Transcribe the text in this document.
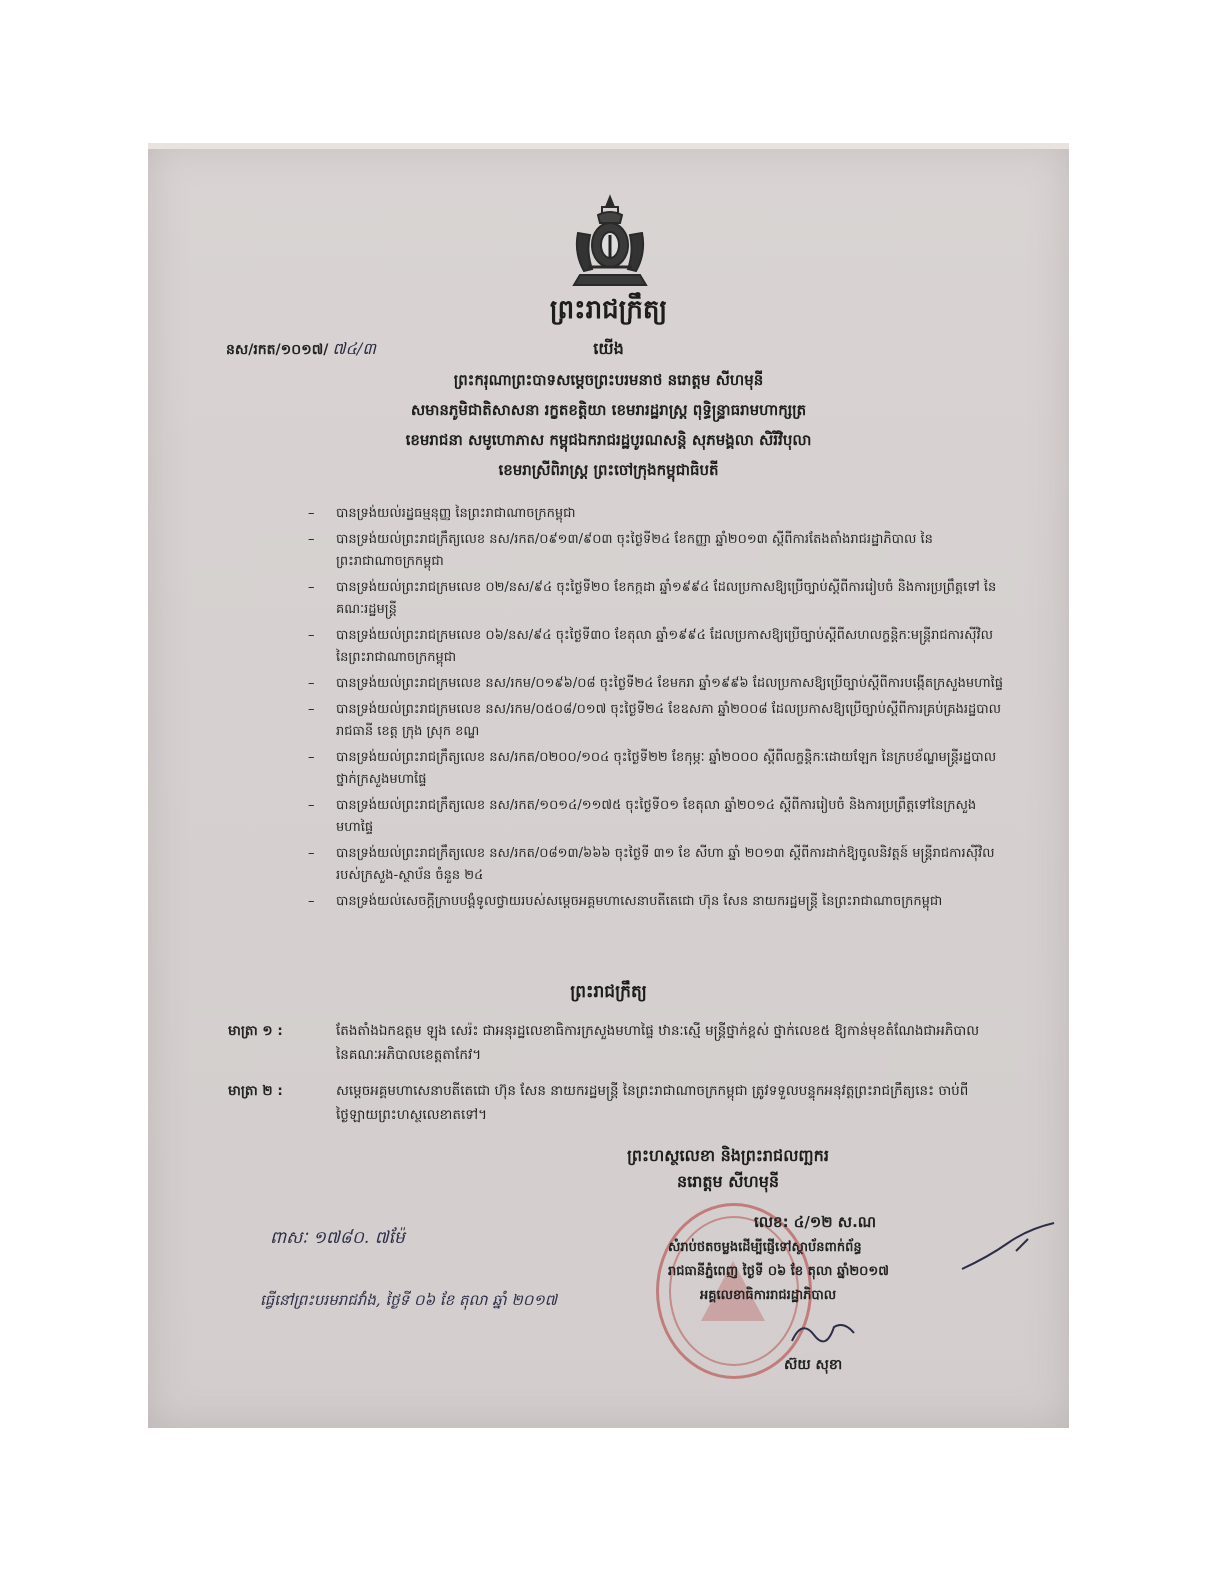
ព្រះរាជក្រឹត្យ
នស/រកត/១០១៧/ ៧៤/៣	យើង
ព្រះករុណាព្រះបាទសម្តេចព្រះបរមនាថ នរោត្តម សីហមុនី
សមានភូមិជាតិសាសនា រក្ខតខត្តិយា ខេមរារដ្ឋរាស្ត្រ ពុទ្ធិន្ទ្រាធរាមហាក្សត្រ
ខេមរាជនា សមូហោភាស កម្ពុជឯករាជរដ្ឋបូរណសន្តិ សុភមង្គលា សិរីវិបុលា
ខេមរាស្រីពិរាស្ត្រ ព្រះចៅក្រុងកម្ពុជាធិបតី
– បានទ្រង់យល់រដ្ឋធម្មនុញ្ញ នៃព្រះរាជាណាចក្រកម្ពុជា
– បានទ្រង់យល់ព្រះរាជក្រឹត្យលេខ នស/រកត/០៩១៣/៩០៣ ចុះថ្ងៃទី២៤ ខែកញ្ញា ឆ្នាំ២០១៣ ស្តីពីការតែងតាំងរាជរដ្ឋាភិបាល នៃព្រះរាជាណាចក្រកម្ពុជា
– បានទ្រង់យល់ព្រះរាជក្រមលេខ ០២/នស/៩៤ ចុះថ្ងៃទី២០ ខែកក្កដា ឆ្នាំ១៩៩៤ ដែលប្រកាសឱ្យប្រើច្បាប់ស្តីពីការរៀបចំ និងការប្រព្រឹត្តទៅ នៃគណៈរដ្ឋមន្ត្រី
– បានទ្រង់យល់ព្រះរាជក្រមលេខ ០៦/នស/៩៤ ចុះថ្ងៃទី៣០ ខែតុលា ឆ្នាំ១៩៩៤ ដែលប្រកាសឱ្យប្រើច្បាប់ស្តីពីសហលក្ខន្តិកៈមន្ត្រីរាជការស៊ីវិល នៃព្រះរាជាណាចក្រកម្ពុជា
– បានទ្រង់យល់ព្រះរាជក្រមលេខ នស/រកម/០១៩៦/០៨ ចុះថ្ងៃទី២៤ ខែមករា ឆ្នាំ១៩៩៦ ដែលប្រកាសឱ្យប្រើច្បាប់ស្តីពីការបង្កើតក្រសួងមហាផ្ទៃ
– បានទ្រង់យល់ព្រះរាជក្រមលេខ នស/រកម/០៥០៨/០១៧ ចុះថ្ងៃទី២៤ ខែឧសភា ឆ្នាំ២០០៨ ដែលប្រកាសឱ្យប្រើច្បាប់ស្តីពីការគ្រប់គ្រងរដ្ឋបាលរាជធានី ខេត្ត ក្រុង ស្រុក ខណ្ឌ
– បានទ្រង់យល់ព្រះរាជក្រឹត្យលេខ នស/រកត/០២០០/១០៤ ចុះថ្ងៃទី២២ ខែកុម្ភៈ ឆ្នាំ២០០០ ស្តីពីលក្ខន្តិកៈដោយឡែក នៃក្របខ័ណ្ឌមន្ត្រីរដ្ឋបាលថ្នាក់ក្រសួងមហាផ្ទៃ
– បានទ្រង់យល់ព្រះរាជក្រឹត្យលេខ នស/រកត/១០១៤/១១៧៥ ចុះថ្ងៃទី០១ ខែតុលា ឆ្នាំ២០១៤ ស្តីពីការរៀបចំ និងការប្រព្រឹត្តទៅនៃក្រសួងមហាផ្ទៃ
– បានទ្រង់យល់ព្រះរាជក្រឹត្យលេខ នស/រកត/០៨១៣/៦៦៦ ចុះថ្ងៃទី ៣១ ខែ សីហា ឆ្នាំ ២០១៣ ស្តីពីការដាក់ឱ្យចូលនិវត្តន៍ មន្ត្រីរាជការស៊ីវិល របស់ក្រសួង-ស្ថាប័ន ចំនួន ២៤
– បានទ្រង់យល់សេចក្តីក្រាបបង្គំទូលថ្វាយរបស់សម្តេចអគ្គមហាសេនាបតីតេជោ ហ៊ុន សែន នាយករដ្ឋមន្ត្រី នៃព្រះរាជាណាចក្រកម្ពុជា
ព្រះរាជក្រឹត្យ
មាត្រា ១ :	តែងតាំងឯកឧត្តម ឡុង សេរ៉ះ ជាអនុរដ្ឋលេខាធិការក្រសួងមហាផ្ទៃ ឋានៈស្មើ មន្ត្រីថ្នាក់ខ្ពស់ ថ្នាក់លេខ៥ ឱ្យកាន់មុខតំណែងជាអភិបាល នៃគណៈអភិបាលខេត្តតាកែវ។
មាត្រា ២ :	សម្តេចអគ្គមហាសេនាបតីតេជោ ហ៊ុន សែន នាយករដ្ឋមន្ត្រី នៃព្រះរាជាណាចក្រកម្ពុជា ត្រូវទទួលបន្ទុកអនុវត្តព្រះរាជក្រឹត្យនេះ ចាប់ពីថ្ងៃឡាយព្រះហស្ថលេខាតទៅ។
ព្រះហស្ថលេខា និងព្រះរាជលញ្ឆករ
នរោត្តម សីហមុនី
ពាសៈ ១៧៨០. ៧ម៉ែ
ធ្វើនៅព្រះបរមរាជវាំង, ថ្ងៃទី ០៦ ខែ តុលា ឆ្នាំ ២០១៧
លេខ: ៤/១២ ស.ណ
សំរាប់ថតចម្លងដើម្បីផ្ញើទៅស្ថាប័នពាក់ព័ន្ធ
រាជធានីភ្នំពេញ ថ្ងៃទី ០៦ ខែ តុលា ឆ្នាំ២០១៧
អគ្គលេខាធិការរាជរដ្ឋាភិបាល
ស៊យ សុខា
